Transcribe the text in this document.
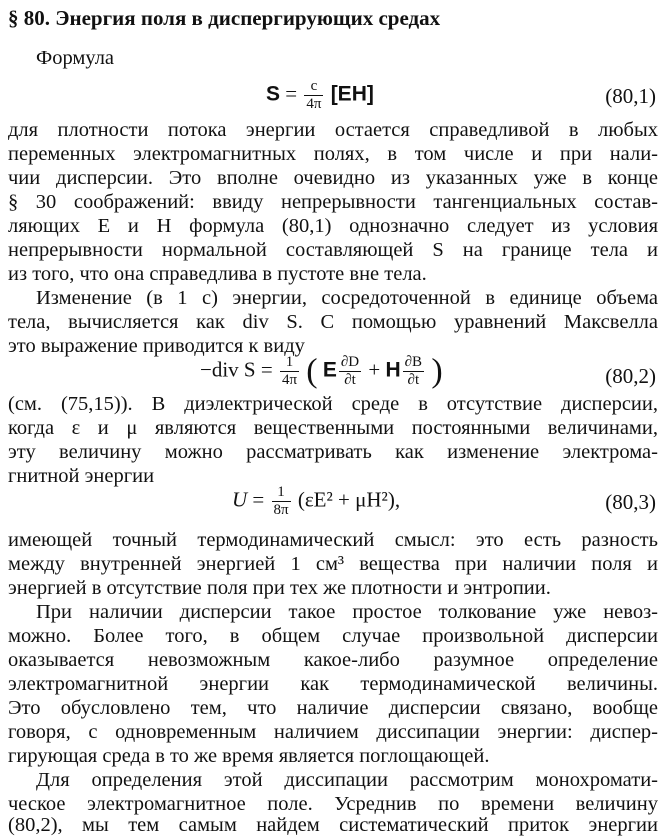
§ 80. Энергия поля в диспергирующих средах
Формула
$S = \frac{c}{4\pi} [EH]$	(80,1)
для плотности потока энергии остается справедливой в любых
переменных электромагнитных полях, в том числе и при нали-
чии дисперсии. Это вполне очевидно из указанных уже в конце
§ 30 соображений: ввиду непрерывности тангенциальных состав-
ляющих E и H формула (80,1) однозначно следует из условия
непрерывности нормальной составляющей S на границе тела и
из того, что она справедлива в пустоте вне тела.
Изменение (в 1 с) энергии, сосредоточенной в единице объема
тела, вычисляется как div S. С помощью уравнений Максвелла
это выражение приводится к виду
−div $S = \frac{1}{4\pi}$ ( E $\frac{\partial D}{\partial t} + H \frac{\partial B}{\partial t}$ )	(80,2)
(см. (75,15)). В диэлектрической среде в отсутствие дисперсии,
когда ε и μ являются вещественными постоянными величинами,
эту величину можно рассматривать как изменение электрома-
гнитной энергии
$U = \frac{1}{8\pi} (\varepsilon E^2 + \mu H^2)$,	(80,3)
имеющей точный термодинамический смысл: это есть разность
между внутренней энергией 1 см³ вещества при наличии поля и
энергией в отсутствие поля при тех же плотности и энтропии.
При наличии дисперсии такое простое толкование уже невоз-
можно. Более того, в общем случае произвольной дисперсии
оказывается невозможным какое-либо разумное определение
электромагнитной энергии как термодинамической величины.
Это обусловлено тем, что наличие дисперсии связано, вообще
говоря, с одновременным наличием диссипации энергии: диспер-
гирующая среда в то же время является поглощающей.
Для определения этой диссипации рассмотрим монохромати-
ческое электромагнитное поле. Усреднив по времени величину
(80,2), мы тем самым найдем систематический приток энергии
